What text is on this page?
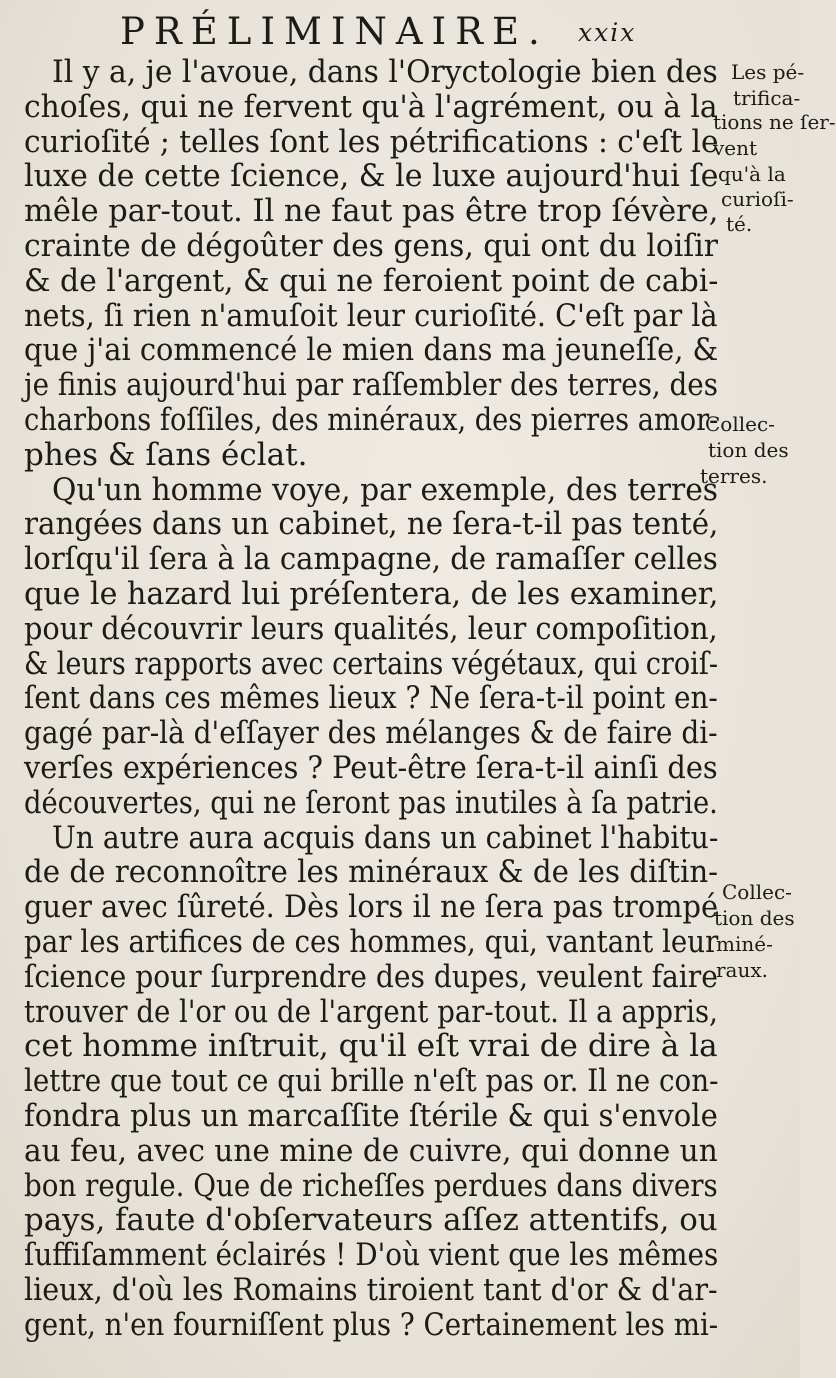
PRÉLIMINAIRE. xxix
Il y a, je l'avoue, dans l'Oryctologie bien des
choſes, qui ne fervent qu'à l'agrément, ou à la
curioſité ; telles ſont les pétrifications : c'eſt le
luxe de cette ſcience, & le luxe aujourd'hui ſe
mêle par-tout. Il ne faut pas être trop ſévère,
crainte de dégoûter des gens, qui ont du loiſir
& de l'argent, & qui ne feroient point de cabi-
nets, ſi rien n'amuſoit leur curioſité. C'eſt par là
que j'ai commencé le mien dans ma jeuneſſe, &
je finis aujourd'hui par raſſembler des terres, des
charbons foſſiles, des minéraux, des pierres amor-
phes & ſans éclat.
Qu'un homme voye, par exemple, des terres
rangées dans un cabinet, ne ſera-t-il pas tenté,
lorſqu'il ſera à la campagne, de ramaſſer celles
que le hazard lui préſentera, de les examiner,
pour découvrir leurs qualités, leur compoſition,
& leurs rapports avec certains végétaux, qui croiſ-
ſent dans ces mêmes lieux ? Ne ſera-t-il point en-
gagé par-là d'eſſayer des mélanges & de faire di-
verſes expériences ? Peut-être ſera-t-il ainſi des
découvertes, qui ne ſeront pas inutiles à ſa patrie.
Un autre aura acquis dans un cabinet l'habitu-
de de reconnoître les minéraux & de les diſtin-
guer avec ſûreté. Dès lors il ne ſera pas trompé
par les artifices de ces hommes, qui, vantant leur
ſcience pour ſurprendre des dupes, veulent faire
trouver de l'or ou de l'argent par-tout. Il a appris,
cet homme inſtruit, qu'il eſt vrai de dire à la
lettre que tout ce qui brille n'eſt pas or. Il ne con-
fondra plus un marcaſſite ſtérile & qui s'envole
au feu, avec une mine de cuivre, qui donne un
bon regule. Que de richeſſes perdues dans divers
pays, faute d'obſervateurs aſſez attentifs, ou
ſuffiſamment éclairés ! D'où vient que les mêmes
lieux, d'où les Romains tiroient tant d'or & d'ar-
gent, n'en fourniſſent plus ? Certainement les mi-
Les pé-
trifica-
tions ne ſer-
vent
qu'à la
curioſi-
té.
Collec-
tion des
terres.
Collec-
tion des
miné-
raux.
